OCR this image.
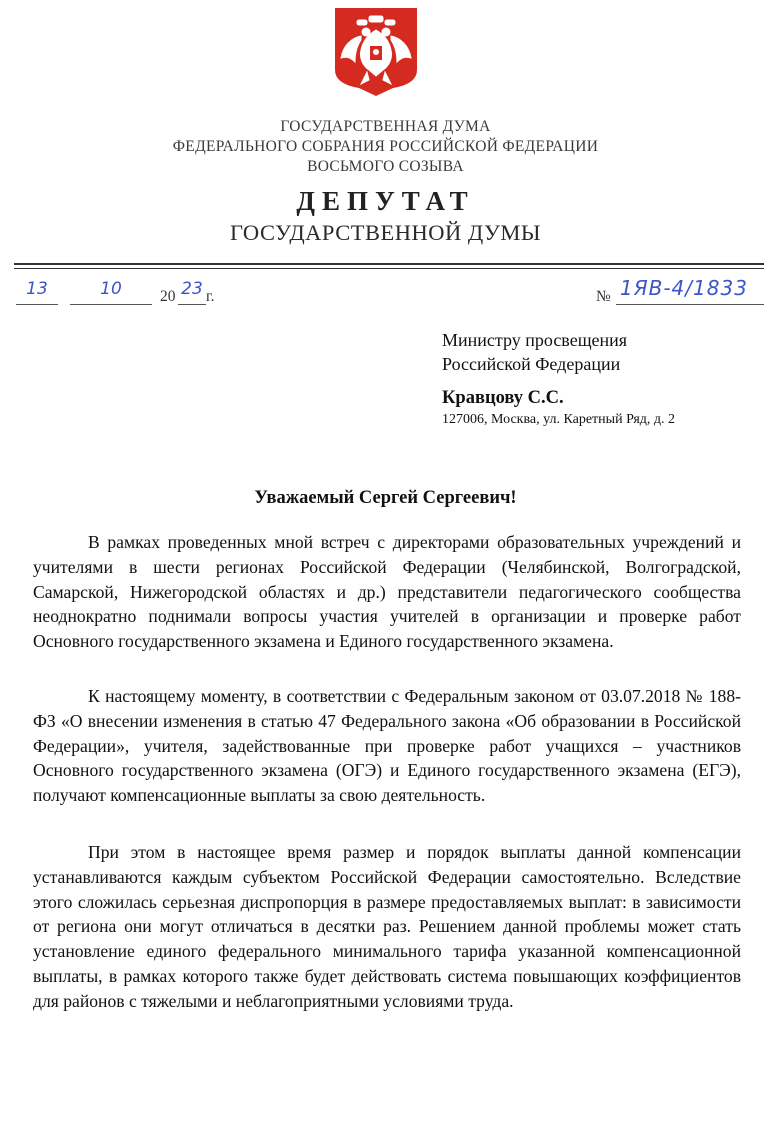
ГОСУДАРСТВЕННАЯ ДУМА
ФЕДЕРАЛЬНОГО СОБРАНИЯ РОССИЙСКОЙ ФЕДЕРАЦИИ
ВОСЬМОГО СОЗЫВА
ДЕПУТАТ
ГОСУДАРСТВЕННОЙ ДУМЫ
13	10	20 23 г.	№ 1ЯВ-4/1833
Министру просвещения
Российской Федерации
Кравцову С.С.
127006, Москва, ул. Каретный Ряд, д. 2
Уважаемый Сергей Сергеевич!

В рамках проведенных мной встреч с директорами образовательных учреждений и учителями в шести регионах Российской Федерации (Челябинской, Волгоградской, Самарской, Нижегородской областях и др.) представители педагогического сообщества неоднократно поднимали вопросы участия учителей в организации и проверке работ Основного государственного экзамена и Единого государственного экзамена.

К настоящему моменту, в соответствии с Федеральным законом от 03.07.2018 № 188-ФЗ «О внесении изменения в статью 47 Федерального закона «Об образовании в Российской Федерации», учителя, задействованные при проверке работ учащихся – участников Основного государственного экзамена (ОГЭ) и Единого государственного экзамена (ЕГЭ), получают компенсационные выплаты за свою деятельность.

При этом в настоящее время размер и порядок выплаты данной компенсации устанавливаются каждым субъектом Российской Федерации самостоятельно. Вследствие этого сложилась серьезная диспропорция в размере предоставляемых выплат: в зависимости от региона они могут отличаться в десятки раз. Решением данной проблемы может стать установление единого федерального минимального тарифа указанной компенсационной выплаты, в рамках которого также будет действовать система повышающих коэффициентов для районов с тяжелыми и неблагоприятными условиями труда.
